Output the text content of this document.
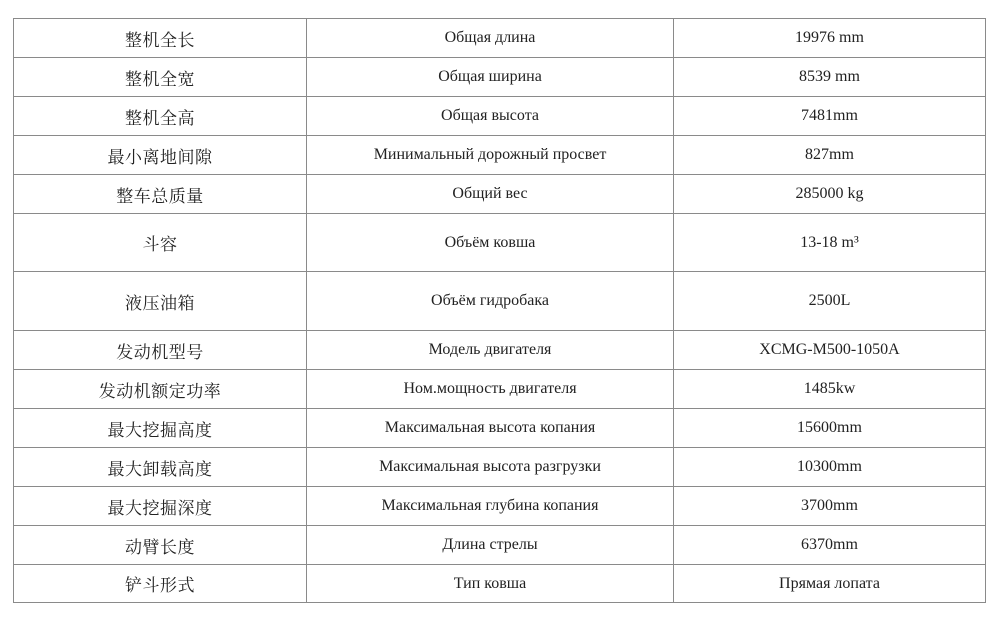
整机全长	Общая длина	19976 mm
整机全宽	Общая ширина	8539 mm
整机全高	Общая высота	7481mm
最小离地间隙	Минимальный дорожный просвет	827mm
整车总质量	Общий вес	285000 kg
斗容	Объём ковша	13-18 m³
液压油箱	Объём гидробака	2500L
发动机型号	Модель двигателя	XCMG-M500-1050A
发动机额定功率	Ном.мощность двигателя	1485kw
最大挖掘高度	Максимальная высота копания	15600mm
最大卸载高度	Максимальная высота разгрузки	10300mm
最大挖掘深度	Максимальная глубина копания	3700mm
动臂长度	Длина стрелы	6370mm
铲斗形式	Тип ковша	Прямая лопата
